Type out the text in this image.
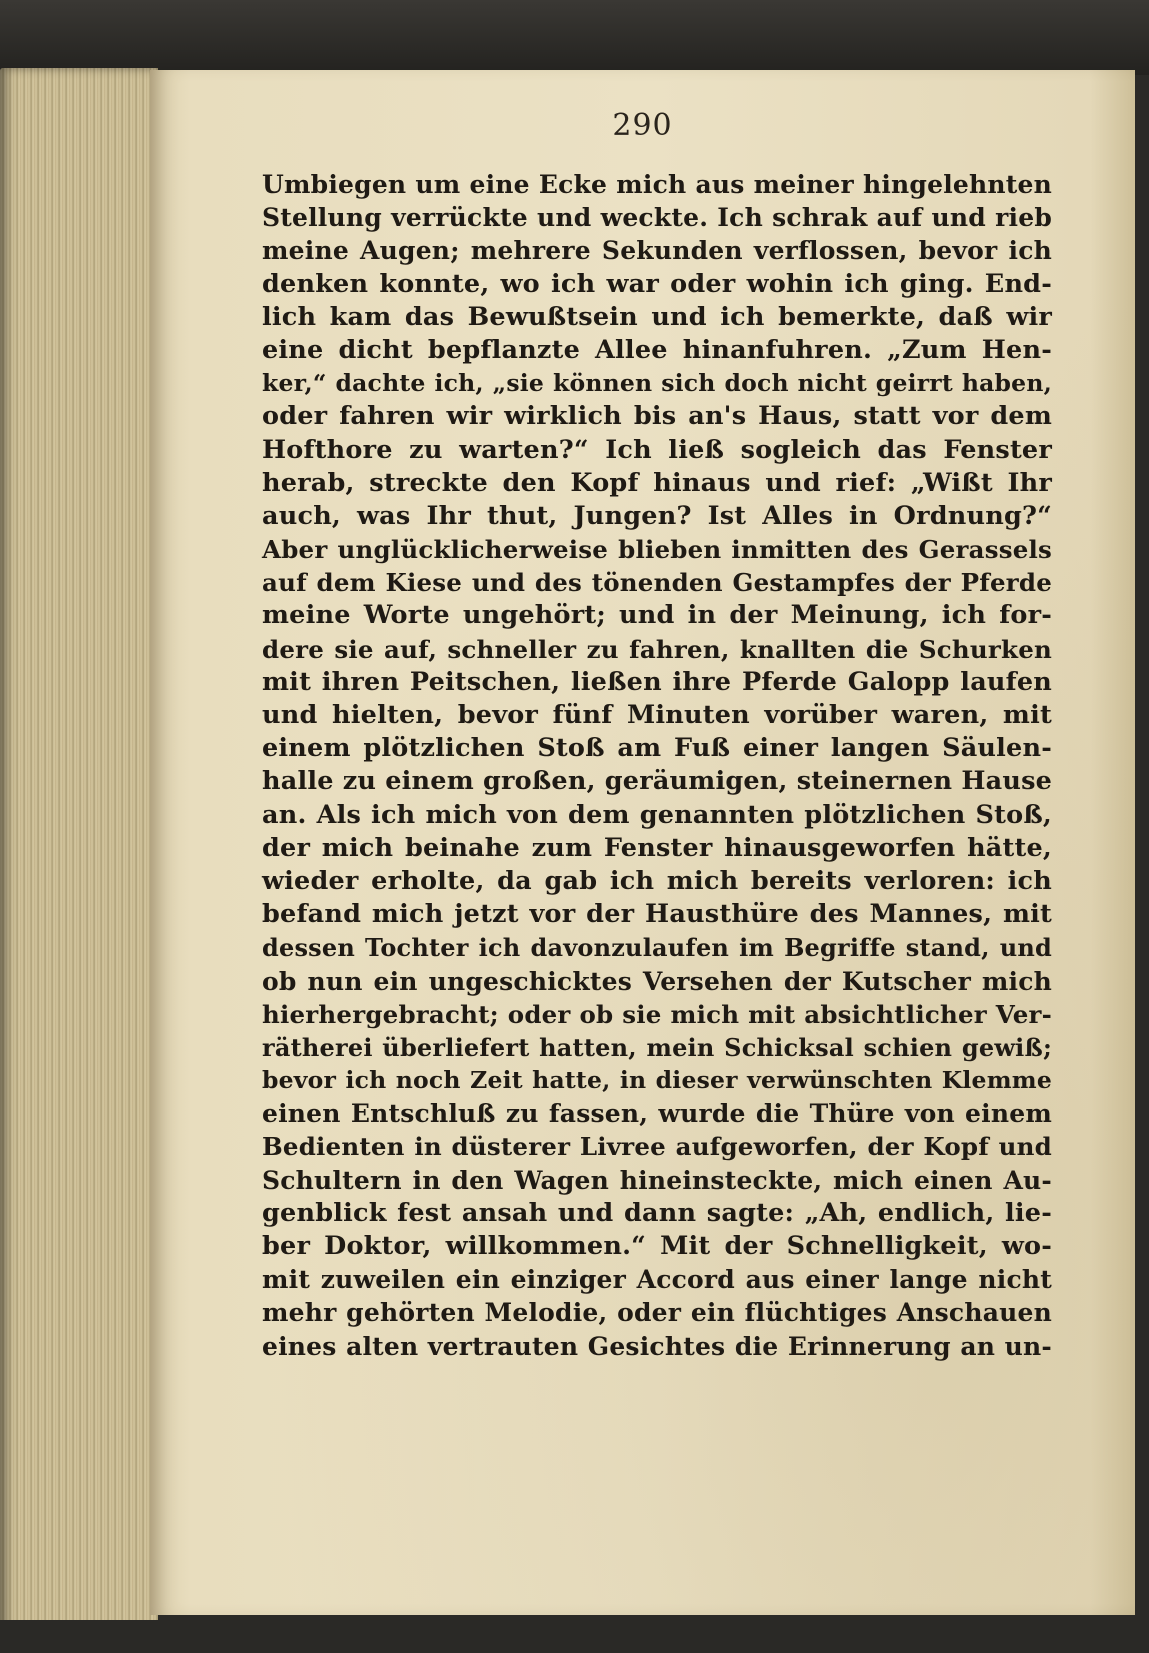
290
Umbiegen um eine Ecke mich aus meiner hingelehnten
Stellung verrückte und weckte. Ich schrak auf und rieb
meine Augen; mehrere Sekunden verflossen, bevor ich
denken konnte, wo ich war oder wohin ich ging. End-
lich kam das Bewußtsein und ich bemerkte, daß wir
eine dicht bepflanzte Allee hinanfuhren. „Zum Hen-
ker,“ dachte ich, „sie können sich doch nicht geirrt haben,
oder fahren wir wirklich bis an's Haus, statt vor dem
Hofthore zu warten?“ Ich ließ sogleich das Fenster
herab, streckte den Kopf hinaus und rief: „Wißt Ihr
auch, was Ihr thut, Jungen? Ist Alles in Ordnung?“
Aber unglücklicherweise blieben inmitten des Gerassels
auf dem Kiese und des tönenden Gestampfes der Pferde
meine Worte ungehört; und in der Meinung, ich for-
dere sie auf, schneller zu fahren, knallten die Schurken
mit ihren Peitschen, ließen ihre Pferde Galopp laufen
und hielten, bevor fünf Minuten vorüber waren, mit
einem plötzlichen Stoß am Fuß einer langen Säulen-
halle zu einem großen, geräumigen, steinernen Hause
an. Als ich mich von dem genannten plötzlichen Stoß,
der mich beinahe zum Fenster hinausgeworfen hätte,
wieder erholte, da gab ich mich bereits verloren: ich
befand mich jetzt vor der Hausthüre des Mannes, mit
dessen Tochter ich davonzulaufen im Begriffe stand, und
ob nun ein ungeschicktes Versehen der Kutscher mich
hierhergebracht; oder ob sie mich mit absichtlicher Ver-
rätherei überliefert hatten, mein Schicksal schien gewiß;
bevor ich noch Zeit hatte, in dieser verwünschten Klemme
einen Entschluß zu fassen, wurde die Thüre von einem
Bedienten in düsterer Livree aufgeworfen, der Kopf und
Schultern in den Wagen hineinsteckte, mich einen Au-
genblick fest ansah und dann sagte: „Ah, endlich, lie-
ber Doktor, willkommen.“ Mit der Schnelligkeit, wo-
mit zuweilen ein einziger Accord aus einer lange nicht
mehr gehörten Melodie, oder ein flüchtiges Anschauen
eines alten vertrauten Gesichtes die Erinnerung an un-
